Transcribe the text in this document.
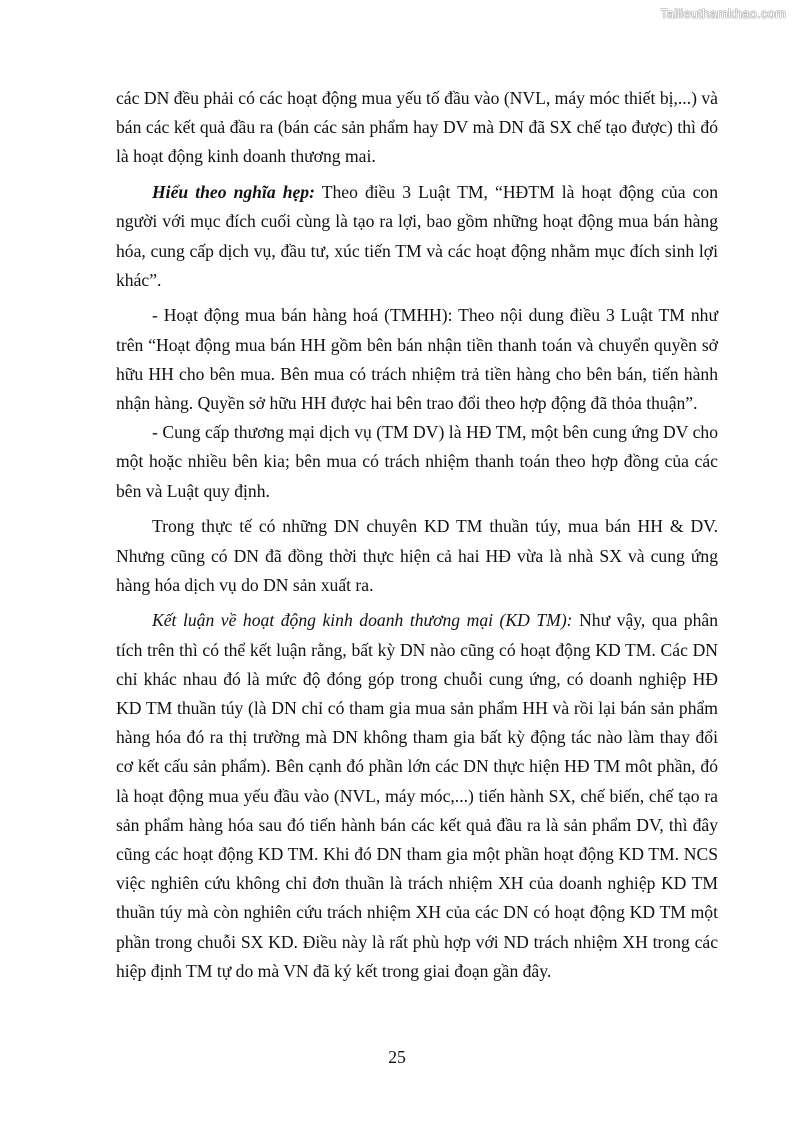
Tailieuthamkhao.com

các DN đều phải có các hoạt động mua yếu tố đầu vào (NVL, máy móc thiết bị,...) và bán các kết quả đầu ra (bán các sản phẩm hay DV mà DN đã SX chế tạo được) thì đó là hoạt động kinh doanh thương mai.

Hiểu theo nghĩa hẹp: Theo điều 3 Luật TM, “HĐTM là hoạt động của con người với mục đích cuối cùng là tạo ra lợi, bao gồm những hoạt động mua bán hàng hóa, cung cấp dịch vụ, đầu tư, xúc tiến TM và các hoạt động nhằm mục đích sinh lợi khác”.

- Hoạt động mua bán hàng hoá (TMHH): Theo nội dung điều 3 Luật TM như trên “Hoạt động mua bán HH gồm bên bán nhận tiền thanh toán và chuyển quyền sở hữu HH cho bên mua. Bên mua có trách nhiệm trả tiền hàng cho bên bán, tiến hành nhận hàng. Quyền sở hữu HH được hai bên trao đổi theo hợp động đã thỏa thuận”.

- Cung cấp thương mại dịch vụ (TM DV) là HĐ TM, một bên cung ứng DV cho một hoặc nhiều bên kia; bên mua có trách nhiệm thanh toán theo hợp đồng của các bên và Luật quy định.

Trong thực tế có những DN chuyên KD TM thuần túy, mua bán HH & DV. Nhưng cũng có DN đã đồng thời thực hiện cả hai HĐ vừa là nhà SX và cung ứng hàng hóa dịch vụ do DN sản xuất ra.

Kết luận về hoạt động kinh doanh thương mại (KD TM): Như vậy, qua phân tích trên thì có thể kết luận rằng, bất kỳ DN nào cũng có hoạt động KD TM. Các DN chỉ khác nhau đó là mức độ đóng góp trong chuỗi cung ứng, có doanh nghiệp HĐ KD TM thuần túy (là DN chỉ có tham gia mua sản phẩm HH và rồi lại bán sản phẩm hàng hóa đó ra thị trường mà DN không tham gia bất kỳ động tác nào làm thay đổi cơ kết cấu sản phẩm). Bên cạnh đó phần lớn các DN thực hiện HĐ TM môt phần, đó là hoạt động mua yếu đầu vào (NVL, máy móc,...) tiến hành SX, chế biến, chế tạo ra sản phẩm hàng hóa sau đó tiến hành bán các kết quả đầu ra là sản phẩm DV, thì đây cũng các hoạt động KD TM. Khi đó DN tham gia một phần hoạt động KD TM. NCS việc nghiên cứu không chỉ đơn thuần là trách nhiệm XH của doanh nghiệp KD TM thuần túy mà còn nghiên cứu trách nhiệm XH của các DN có hoạt động KD TM một phần trong chuỗi SX KD. Điều này là rất phù hợp với ND trách nhiệm XH trong các hiệp định TM tự do mà VN đã ký kết trong giai đoạn gần đây.

25
